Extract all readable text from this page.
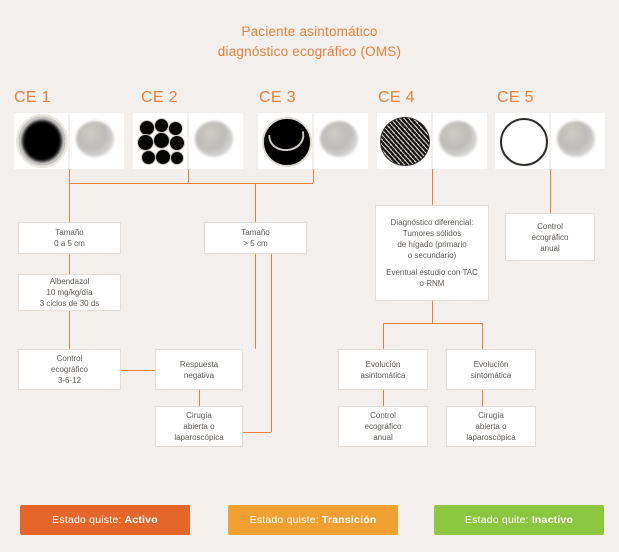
Paciente asintomático
diagnóstico ecográfico (OMS)
CE 1	CE 2	CE 3	CE 4	CE 5
Tamaño
0 a 5 cm
Tamaño
> 5 cm
Albendazol
10 mg/kg/día
3 ciclos de 30 ds
Control
ecográfico
3-6-12
Respuesta
negativa
Cirugía
abierta o
laparoscópica
Diagnóstico diferencial:
Tumores sólidos
de hígado (primario
o secundario)
Eventual estudio con TAC
o RNM
Evolución
asintomática
Evolución
sintomática
Control
ecográfico
anual
Cirugía
abierta o
laparoscópica
Control
ecográfico
anual
Estado quiste: Activo	Estado quiste: Transición	Estado quite: Inactivo
